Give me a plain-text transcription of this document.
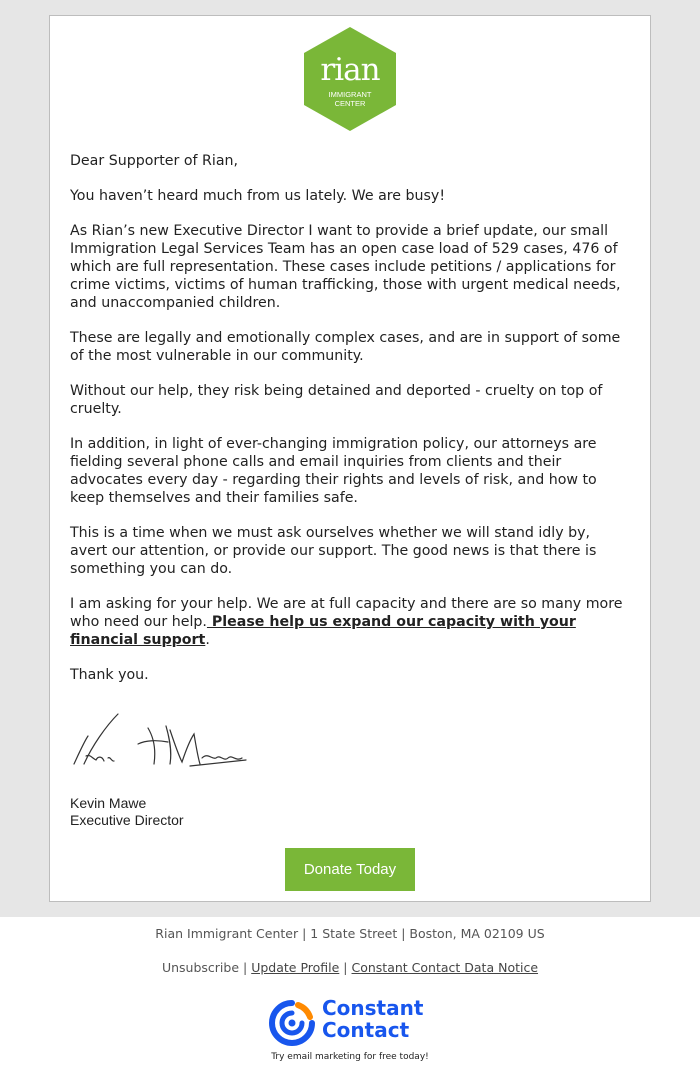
rian
IMMIGRANT
CENTER

Dear Supporter of Rian,

You haven’t heard much from us lately. We are busy!

As Rian’s new Executive Director I want to provide a brief update, our small Immigration Legal Services Team has an open case load of 529 cases, 476 of which are full representation. These cases include petitions / applications for crime victims, victims of human trafficking, those with urgent medical needs, and unaccompanied children.

These are legally and emotionally complex cases, and are in support of some of the most vulnerable in our community.

Without our help, they risk being detained and deported - cruelty on top of cruelty.

In addition, in light of ever-changing immigration policy, our attorneys are fielding several phone calls and email inquiries from clients and their advocates every day - regarding their rights and levels of risk, and how to keep themselves and their families safe.

This is a time when we must ask ourselves whether we will stand idly by, avert our attention, or provide our support. The good news is that there is something you can do.

I am asking for your help. We are at full capacity and there are so many more who need our help. Please help us expand our capacity with your financial support.

Thank you.

Kevin Mawe
Executive Director
Donate Today
Rian Immigrant Center | 1 State Street | Boston, MA 02109 US
Unsubscribe | Update Profile | Constant Contact Data Notice
Constant
Contact
Try email marketing for free today!
